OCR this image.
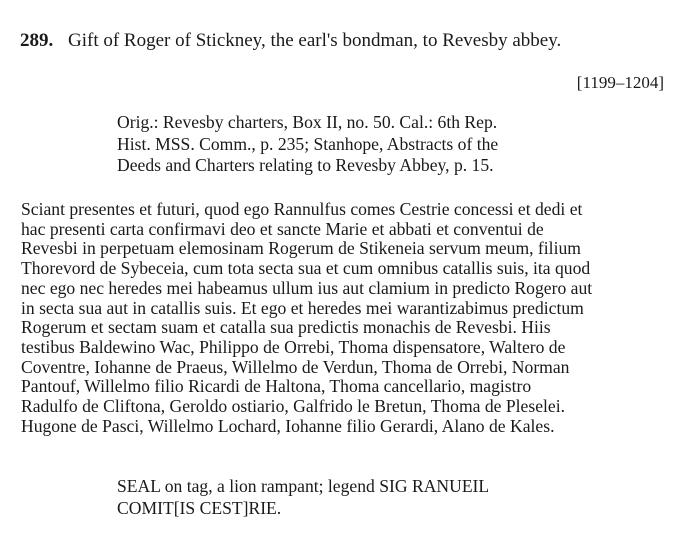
289. Gift of Roger of Stickney, the earl's bondman, to Revesby abbey.
[1199–1204]
Orig.: Revesby charters, Box II, no. 50. Cal.: 6th Rep.
Hist. MSS. Comm., p. 235; Stanhope, Abstracts of the
Deeds and Charters relating to Revesby Abbey, p. 15.
Sciant presentes et futuri, quod ego Rannulfus comes Cestrie concessi et dedi et
hac presenti carta confirmavi deo et sancte Marie et abbati et conventui de
Revesbi in perpetuam elemosinam Rogerum de Stikeneia servum meum, filium
Thorevord de Sybeceia, cum tota secta sua et cum omnibus catallis suis, ita quod
nec ego nec heredes mei habeamus ullum ius aut clamium in predicto Rogero aut
in secta sua aut in catallis suis. Et ego et heredes mei warantizabimus predictum
Rogerum et sectam suam et catalla sua predictis monachis de Revesbi. Hiis
testibus Baldewino Wac, Philippo de Orrebi, Thoma dispensatore, Waltero de
Coventre, Iohanne de Praeus, Willelmo de Verdun, Thoma de Orrebi, Norman
Pantouf, Willelmo filio Ricardi de Haltona, Thoma cancellario, magistro
Radulfo de Cliftona, Geroldo ostiario, Galfrido le Bretun, Thoma de Pleselei.
Hugone de Pasci, Willelmo Lochard, Iohanne filio Gerardi, Alano de Kales.
SEAL on tag, a lion rampant; legend SIG RANUEIL
COMIT[IS CEST]RIE.
